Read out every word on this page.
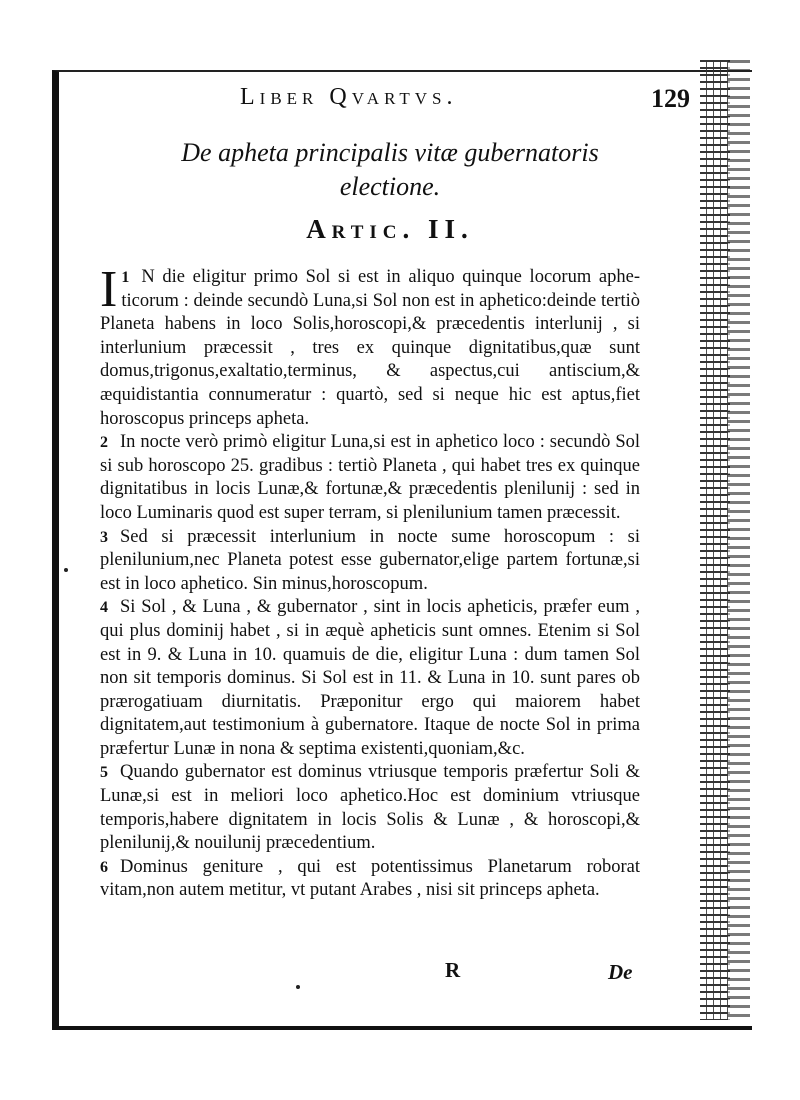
Liber Qvartvs.	129
De apheta principalis vitæ gubernatoris
electione.
Artic. II.

1
I N die eligitur primo Sol si est in aliquo quinque locorum apheticorum : deinde secundò Luna,si Sol non est in aphetico:deinde tertiò Planeta habens in loco Solis,horoscopi,& præcedentis interlunij , si interlunium præcessit , tres ex quinque dignitatibus,quæ sunt domus,trigonus,exaltatio,terminus, & aspectus,cui antiscium,& æquidistantia connumeratur : quartò, sed si neque hic est aptus,fiet horoscopus princeps apheta.

2 In nocte verò primò eligitur Luna,si est in aphetico loco : secundò Sol si sub horoscopo 25. gradibus : tertiò Planeta , qui habet tres ex quinque dignitatibus in locis Lunæ,& fortunæ,& præcedentis plenilunij : sed in loco Luminaris quod est super terram, si plenilunium tamen præcessit.

3 Sed si præcessit interlunium in nocte sume horoscopum : si plenilunium,nec Planeta potest esse gubernator,elige partem fortunæ,si est in loco aphetico. Sin minus,horoscopum.

4 Si Sol , & Luna , & gubernator , sint in locis apheticis, præfer eum , qui plus dominij habet , si in æquè apheticis sunt omnes. Etenim si Sol est in 9. & Luna in 10. quamuis de die, eligitur Luna : dum tamen Sol non sit temporis dominus. Si Sol est in 11. & Luna in 10. sunt pares ob prærogatiuam diurnitatis. Præponitur ergo qui maiorem habet dignitatem,aut testimonium à gubernatore. Itaque de nocte Sol in prima præfertur Lunæ in nona & septima existenti,quoniam,&c.

5 Quando gubernator est dominus vtriusque temporis præfertur Soli & Lunæ,si est in meliori loco aphetico.Hoc est dominium vtriusque temporis,habere dignitatem in locis Solis & Lunæ , & horoscopi,& plenilunij,& nouilunij præcedentium.

6 Dominus geniture , qui est potentissimus Planetarum roborat vitam,non autem metitur, vt putant Arabes , nisi sit princeps apheta.

R	De
